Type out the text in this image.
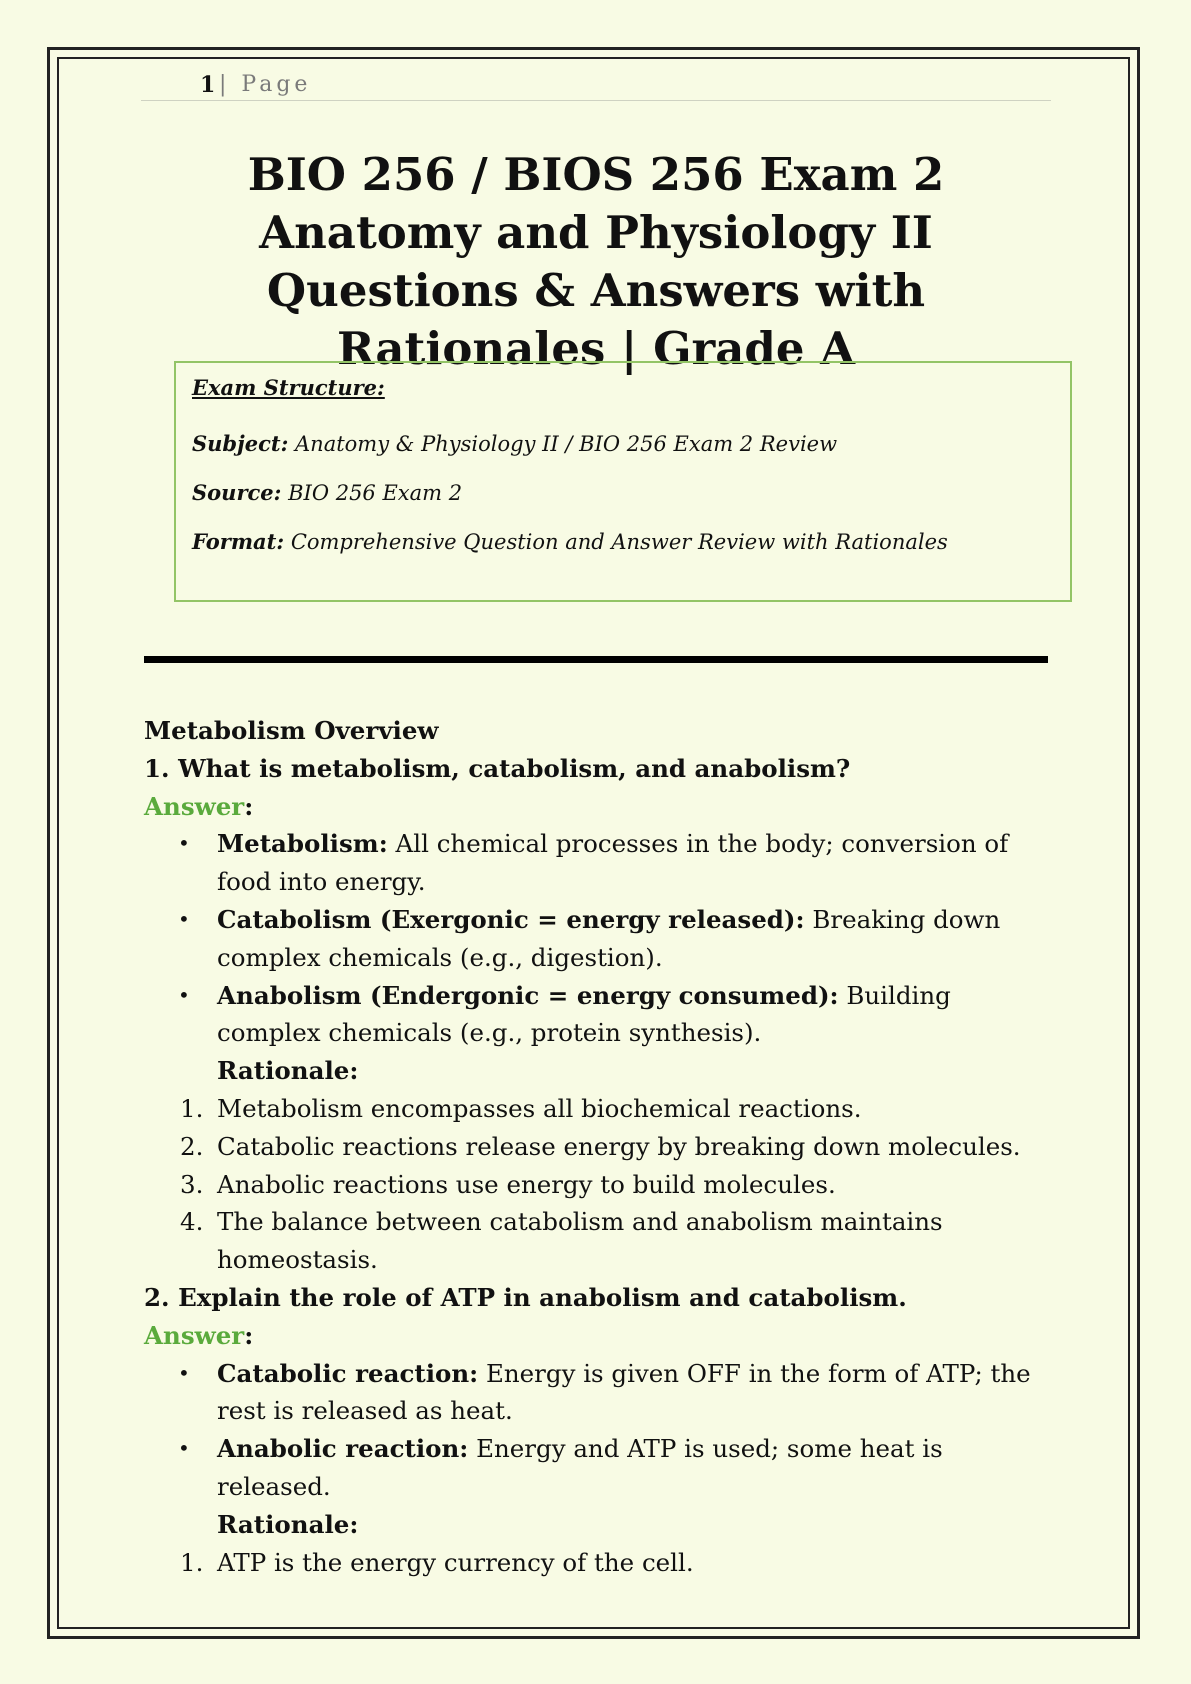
1 | Page
BIO 256 / BIOS 256 Exam 2 Anatomy and Physiology II Questions & Answers with Rationales | Grade A
Exam Structure:
Subject: Anatomy & Physiology II / BIO 256 Exam 2 Review
Source: BIO 256 Exam 2
Format: Comprehensive Question and Answer Review with Rationales

Metabolism Overview

1. What is metabolism, catabolism, and anabolism?

Answer:

• Metabolism: All chemical processes in the body; conversion of food into energy.
• Catabolism (Exergonic = energy released): Breaking down complex chemicals (e.g., digestion).
• Anabolism (Endergonic = energy consumed): Building complex chemicals (e.g., protein synthesis).

Rationale:

1. Metabolism encompasses all biochemical reactions.
2. Catabolic reactions release energy by breaking down molecules.
3. Anabolic reactions use energy to build molecules.
4. The balance between catabolism and anabolism maintains homeostasis.

2. Explain the role of ATP in anabolism and catabolism.

Answer:

• Catabolic reaction: Energy is given OFF in the form of ATP; the rest is released as heat.
• Anabolic reaction: Energy and ATP is used; some heat is released.

Rationale:

1. ATP is the energy currency of the cell.
